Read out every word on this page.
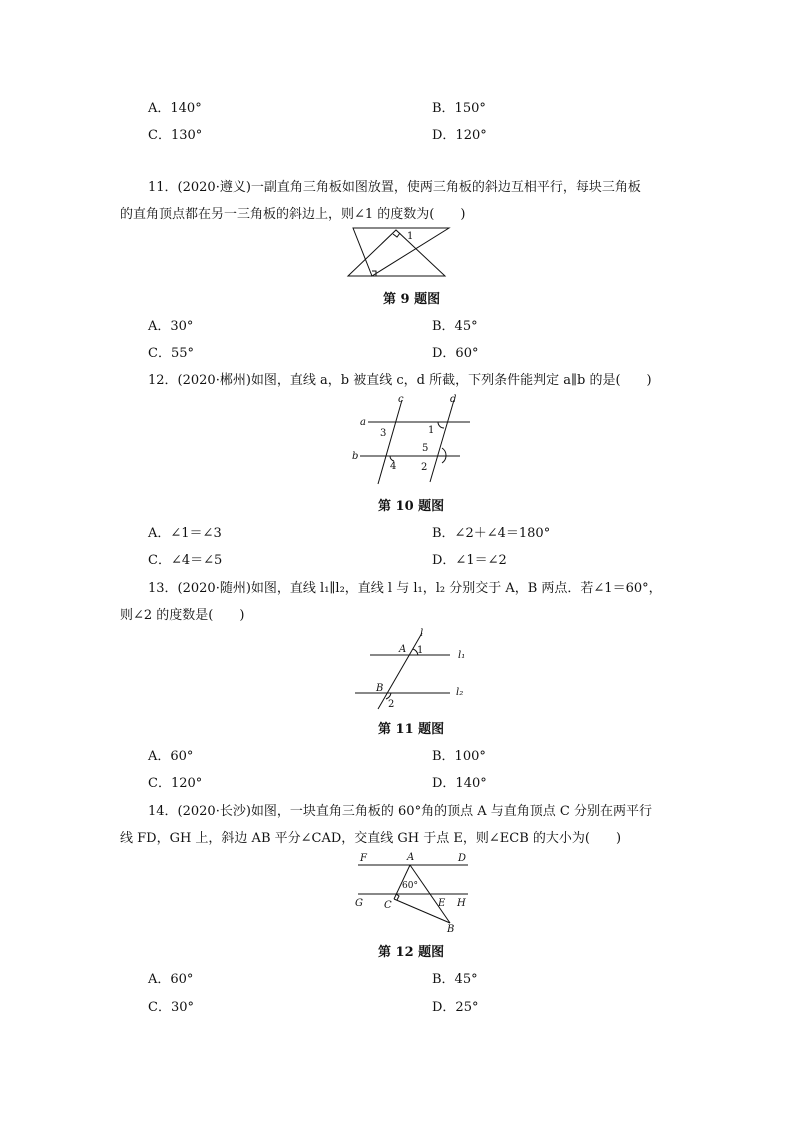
A．140°	B．150°
C．130°	D．120°
11．(2020·遵义)一副直角三角板如图放置，使两三角板的斜边互相平行，每块三角板
的直角顶点都在另一三角板的斜边上，则∠1 的度数为(　　)
1
第 9 题图
A．30°	B．45°
C．55°	D．60°
12．(2020·郴州)如图，直线 a，b 被直线 c，d 所截，下列条件能判定 a∥b 的是(　　)
a
b
c	d
1
2
3
4
5
第 10 题图
A．∠1＝∠3	B．∠2＋∠4＝180°
C．∠4＝∠5	D．∠1＝∠2
13．(2020·随州)如图，直线 l₁∥l₂，直线 l 与 l₁，l₂ 分别交于 A，B 两点．若∠1＝60°，
则∠2 的度数是(　　)
l
l₁
l₂
A
B
1
2
第 11 题图
A．60°	B．100°
C．120°	D．140°
14．(2020·长沙)如图，一块直角三角板的 60°角的顶点 A 与直角顶点 C 分别在两平行
线 FD，GH 上，斜边 AB 平分∠CAD，交直线 GH 于点 E，则∠ECB 的大小为(　　)
F	A	D
G C	E H
B
60°
第 12 题图
A．60°	B．45°
C．30°	D．25°
